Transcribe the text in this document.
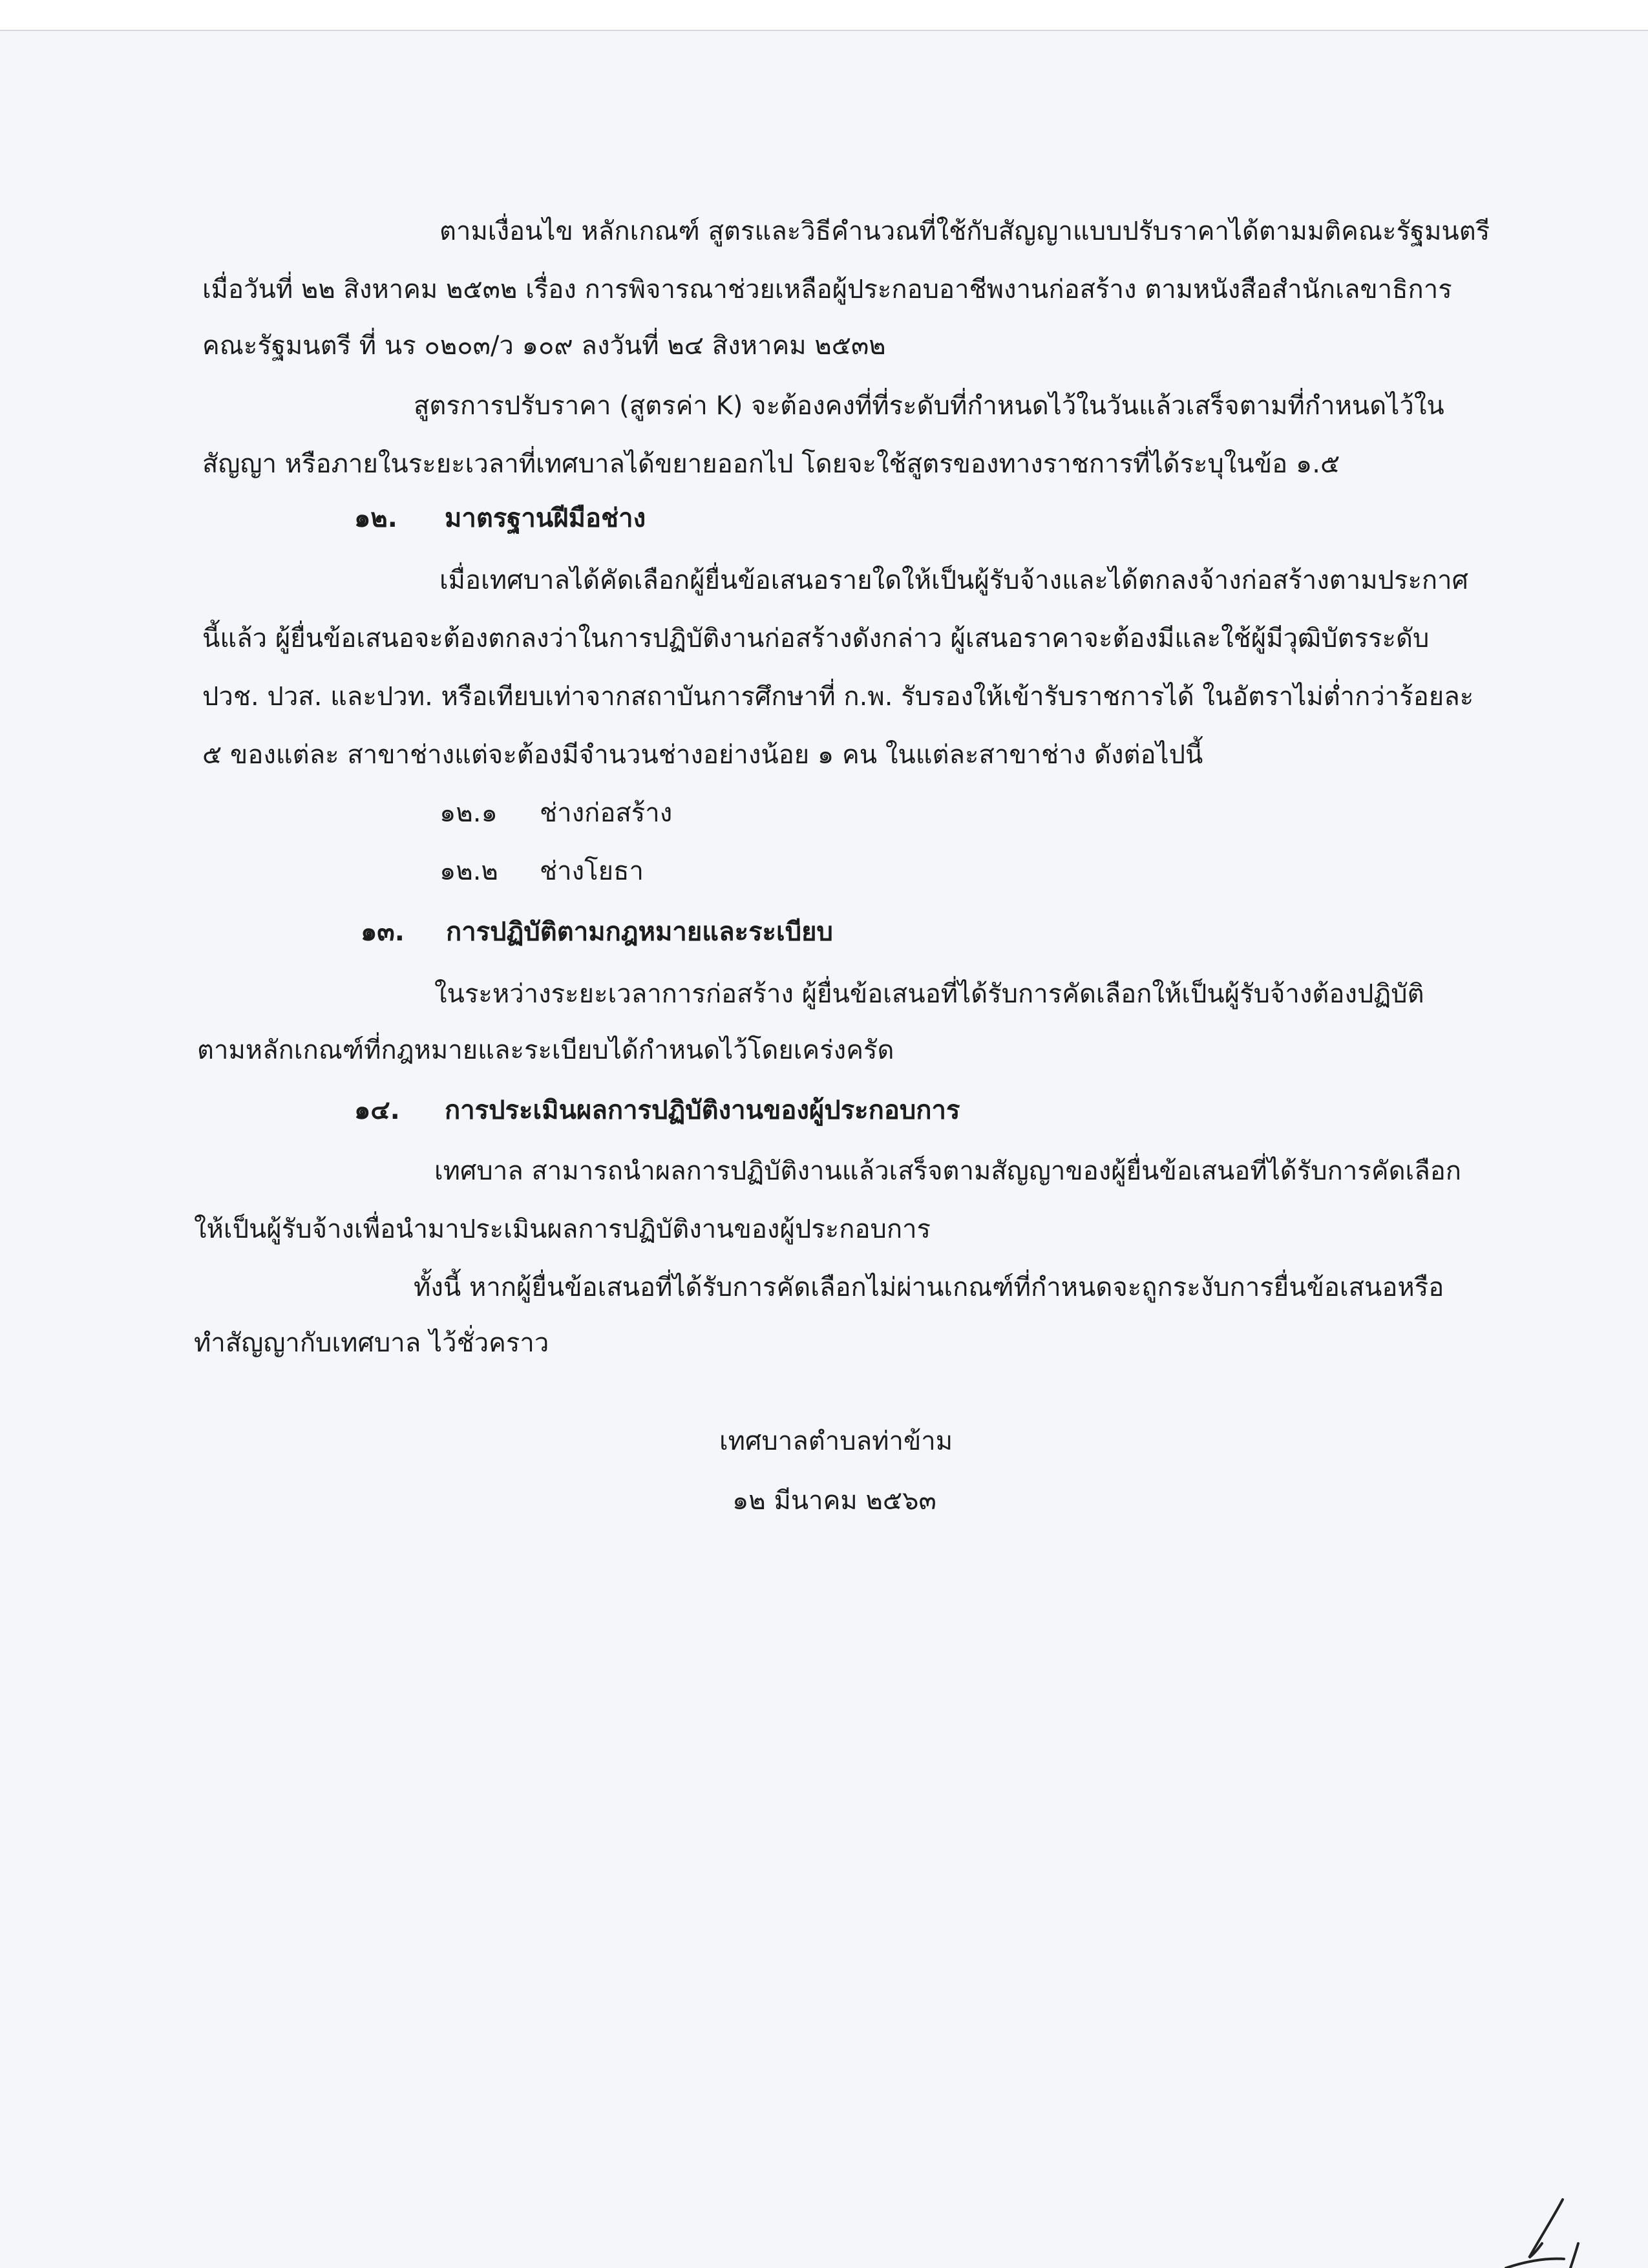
ตามเงื่อนไข หลักเกณฑ์ สูตรและวิธีคำนวณที่ใช้กับสัญญาแบบปรับราคาได้ตามมติคณะรัฐมนตรี
เมื่อวันที่ ๒๒ สิงหาคม ๒๕๓๒ เรื่อง การพิจารณาช่วยเหลือผู้ประกอบอาชีพงานก่อสร้าง ตามหนังสือสำนักเลขาธิการ
คณะรัฐมนตรี ที่ นร ๐๒๐๓/ว ๑๐๙ ลงวันที่ ๒๔ สิงหาคม ๒๕๓๒
สูตรการปรับราคา (สูตรค่า K) จะต้องคงที่ที่ระดับที่กำหนดไว้ในวันแล้วเสร็จตามที่กำหนดไว้ใน
สัญญา หรือภายในระยะเวลาที่เทศบาลได้ขยายออกไป โดยจะใช้สูตรของทางราชการที่ได้ระบุในข้อ ๑.๕
๑๒. มาตรฐานฝีมือช่าง
เมื่อเทศบาลได้คัดเลือกผู้ยื่นข้อเสนอรายใดให้เป็นผู้รับจ้างและได้ตกลงจ้างก่อสร้างตามประกาศ
นี้แล้ว ผู้ยื่นข้อเสนอจะต้องตกลงว่าในการปฏิบัติงานก่อสร้างดังกล่าว ผู้เสนอราคาจะต้องมีและใช้ผู้มีวุฒิบัตรระดับ
ปวช. ปวส. และปวท. หรือเทียบเท่าจากสถาบันการศึกษาที่ ก.พ. รับรองให้เข้ารับราชการได้ ในอัตราไม่ต่ำกว่าร้อยละ
๕ ของแต่ละ สาขาช่างแต่จะต้องมีจำนวนช่างอย่างน้อย ๑ คน ในแต่ละสาขาช่าง ดังต่อไปนี้
๑๒.๑ ช่างก่อสร้าง
๑๒.๒ ช่างโยธา
๑๓. การปฏิบัติตามกฎหมายและระเบียบ
ในระหว่างระยะเวลาการก่อสร้าง ผู้ยื่นข้อเสนอที่ได้รับการคัดเลือกให้เป็นผู้รับจ้างต้องปฏิบัติ
ตามหลักเกณฑ์ที่กฎหมายและระเบียบได้กำหนดไว้โดยเคร่งครัด
๑๔. การประเมินผลการปฏิบัติงานของผู้ประกอบการ
เทศบาล สามารถนำผลการปฏิบัติงานแล้วเสร็จตามสัญญาของผู้ยื่นข้อเสนอที่ได้รับการคัดเลือก
ให้เป็นผู้รับจ้างเพื่อนำมาประเมินผลการปฏิบัติงานของผู้ประกอบการ
ทั้งนี้ หากผู้ยื่นข้อเสนอที่ได้รับการคัดเลือกไม่ผ่านเกณฑ์ที่กำหนดจะถูกระงับการยื่นข้อเสนอหรือ
ทำสัญญากับเทศบาล ไว้ชั่วคราว
เทศบาลตำบลท่าข้าม
๑๒ มีนาคม ๒๕๖๓
